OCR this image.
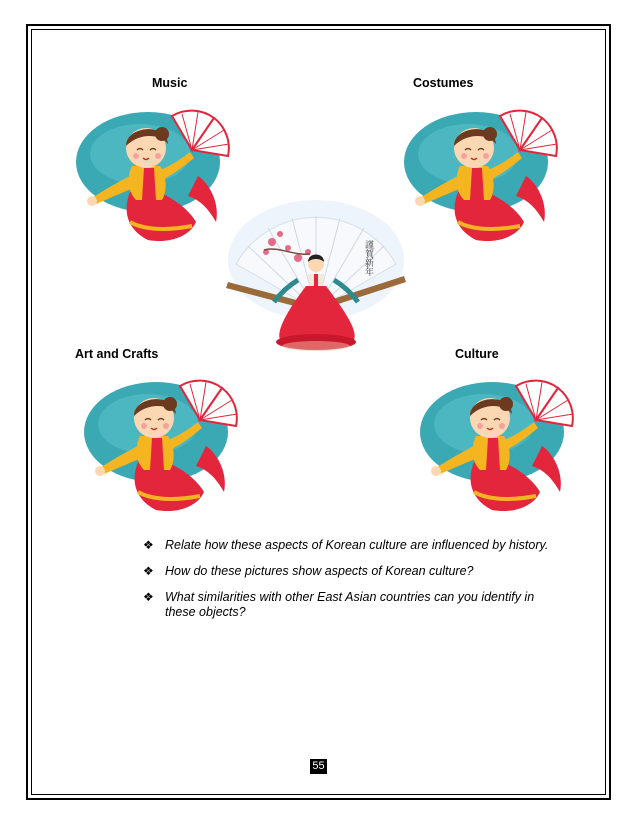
Music	Costumes
Art and Crafts	Culture
謹賀新年
❖ Relate how these aspects of Korean culture are influenced by history.
❖ How do these pictures show aspects of Korean culture?
❖ What similarities with other East Asian countries can you identify in these objects?
55
